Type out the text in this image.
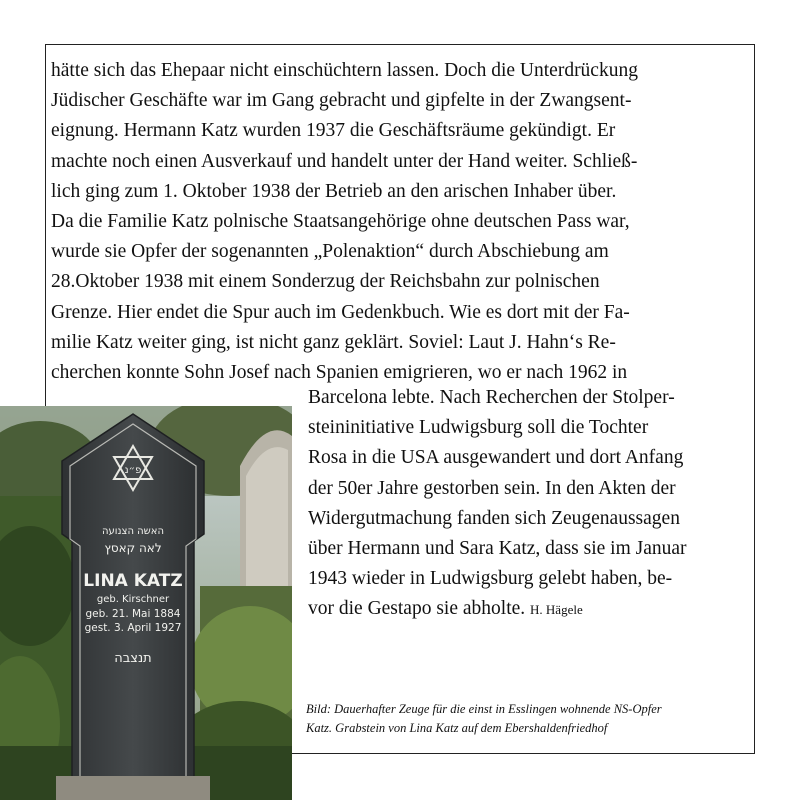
hätte sich das Ehepaar nicht einschüchtern lassen. Doch die Unterdrückung
Jüdischer Geschäfte war im Gang gebracht und gipfelte in der Zwangsent-
eignung. Hermann Katz wurden 1937 die Geschäftsräume gekündigt. Er
machte noch einen Ausverkauf und handelt unter der Hand weiter. Schließ-
lich ging zum 1. Oktober 1938 der Betrieb an den arischen Inhaber über.
Da die Familie Katz polnische Staatsangehörige ohne deutschen Pass war,
wurde sie Opfer der sogenannten „Polenaktion“ durch Abschiebung am
28.Oktober 1938 mit einem Sonderzug der Reichsbahn zur polnischen
Grenze. Hier endet die Spur auch im Gedenkbuch. Wie es dort mit der Fa-
milie Katz weiter ging, ist nicht ganz geklärt. Soviel: Laut J. Hahn‘s Re-
cherchen konnte Sohn Josef nach Spanien emigrieren, wo er nach 1962 in
Barcelona lebte. Nach Recherchen der Stolper-
steininitiative Ludwigsburg soll die Tochter
Rosa in die USA ausgewandert und dort Anfang
der 50er Jahre gestorben sein. In den Akten der
Widergutmachung fanden sich Zeugenaussagen
über Hermann und Sara Katz, dass sie im Januar
1943 wieder in Ludwigsburg gelebt haben, be-
vor die Gestapo sie abholte. H. Hägele
Bild: Dauerhafter Zeuge für die einst in Esslingen wohnende NS-Opfer
Katz. Grabstein von Lina Katz auf dem Ebershaldenfriedhof
פ״נ
האשה הצנועה
לאה קאסץ
LINA KATZ
geb. Kirschner
geb. 21. Mai 1884
gest. 3. April 1927
תנצבה
